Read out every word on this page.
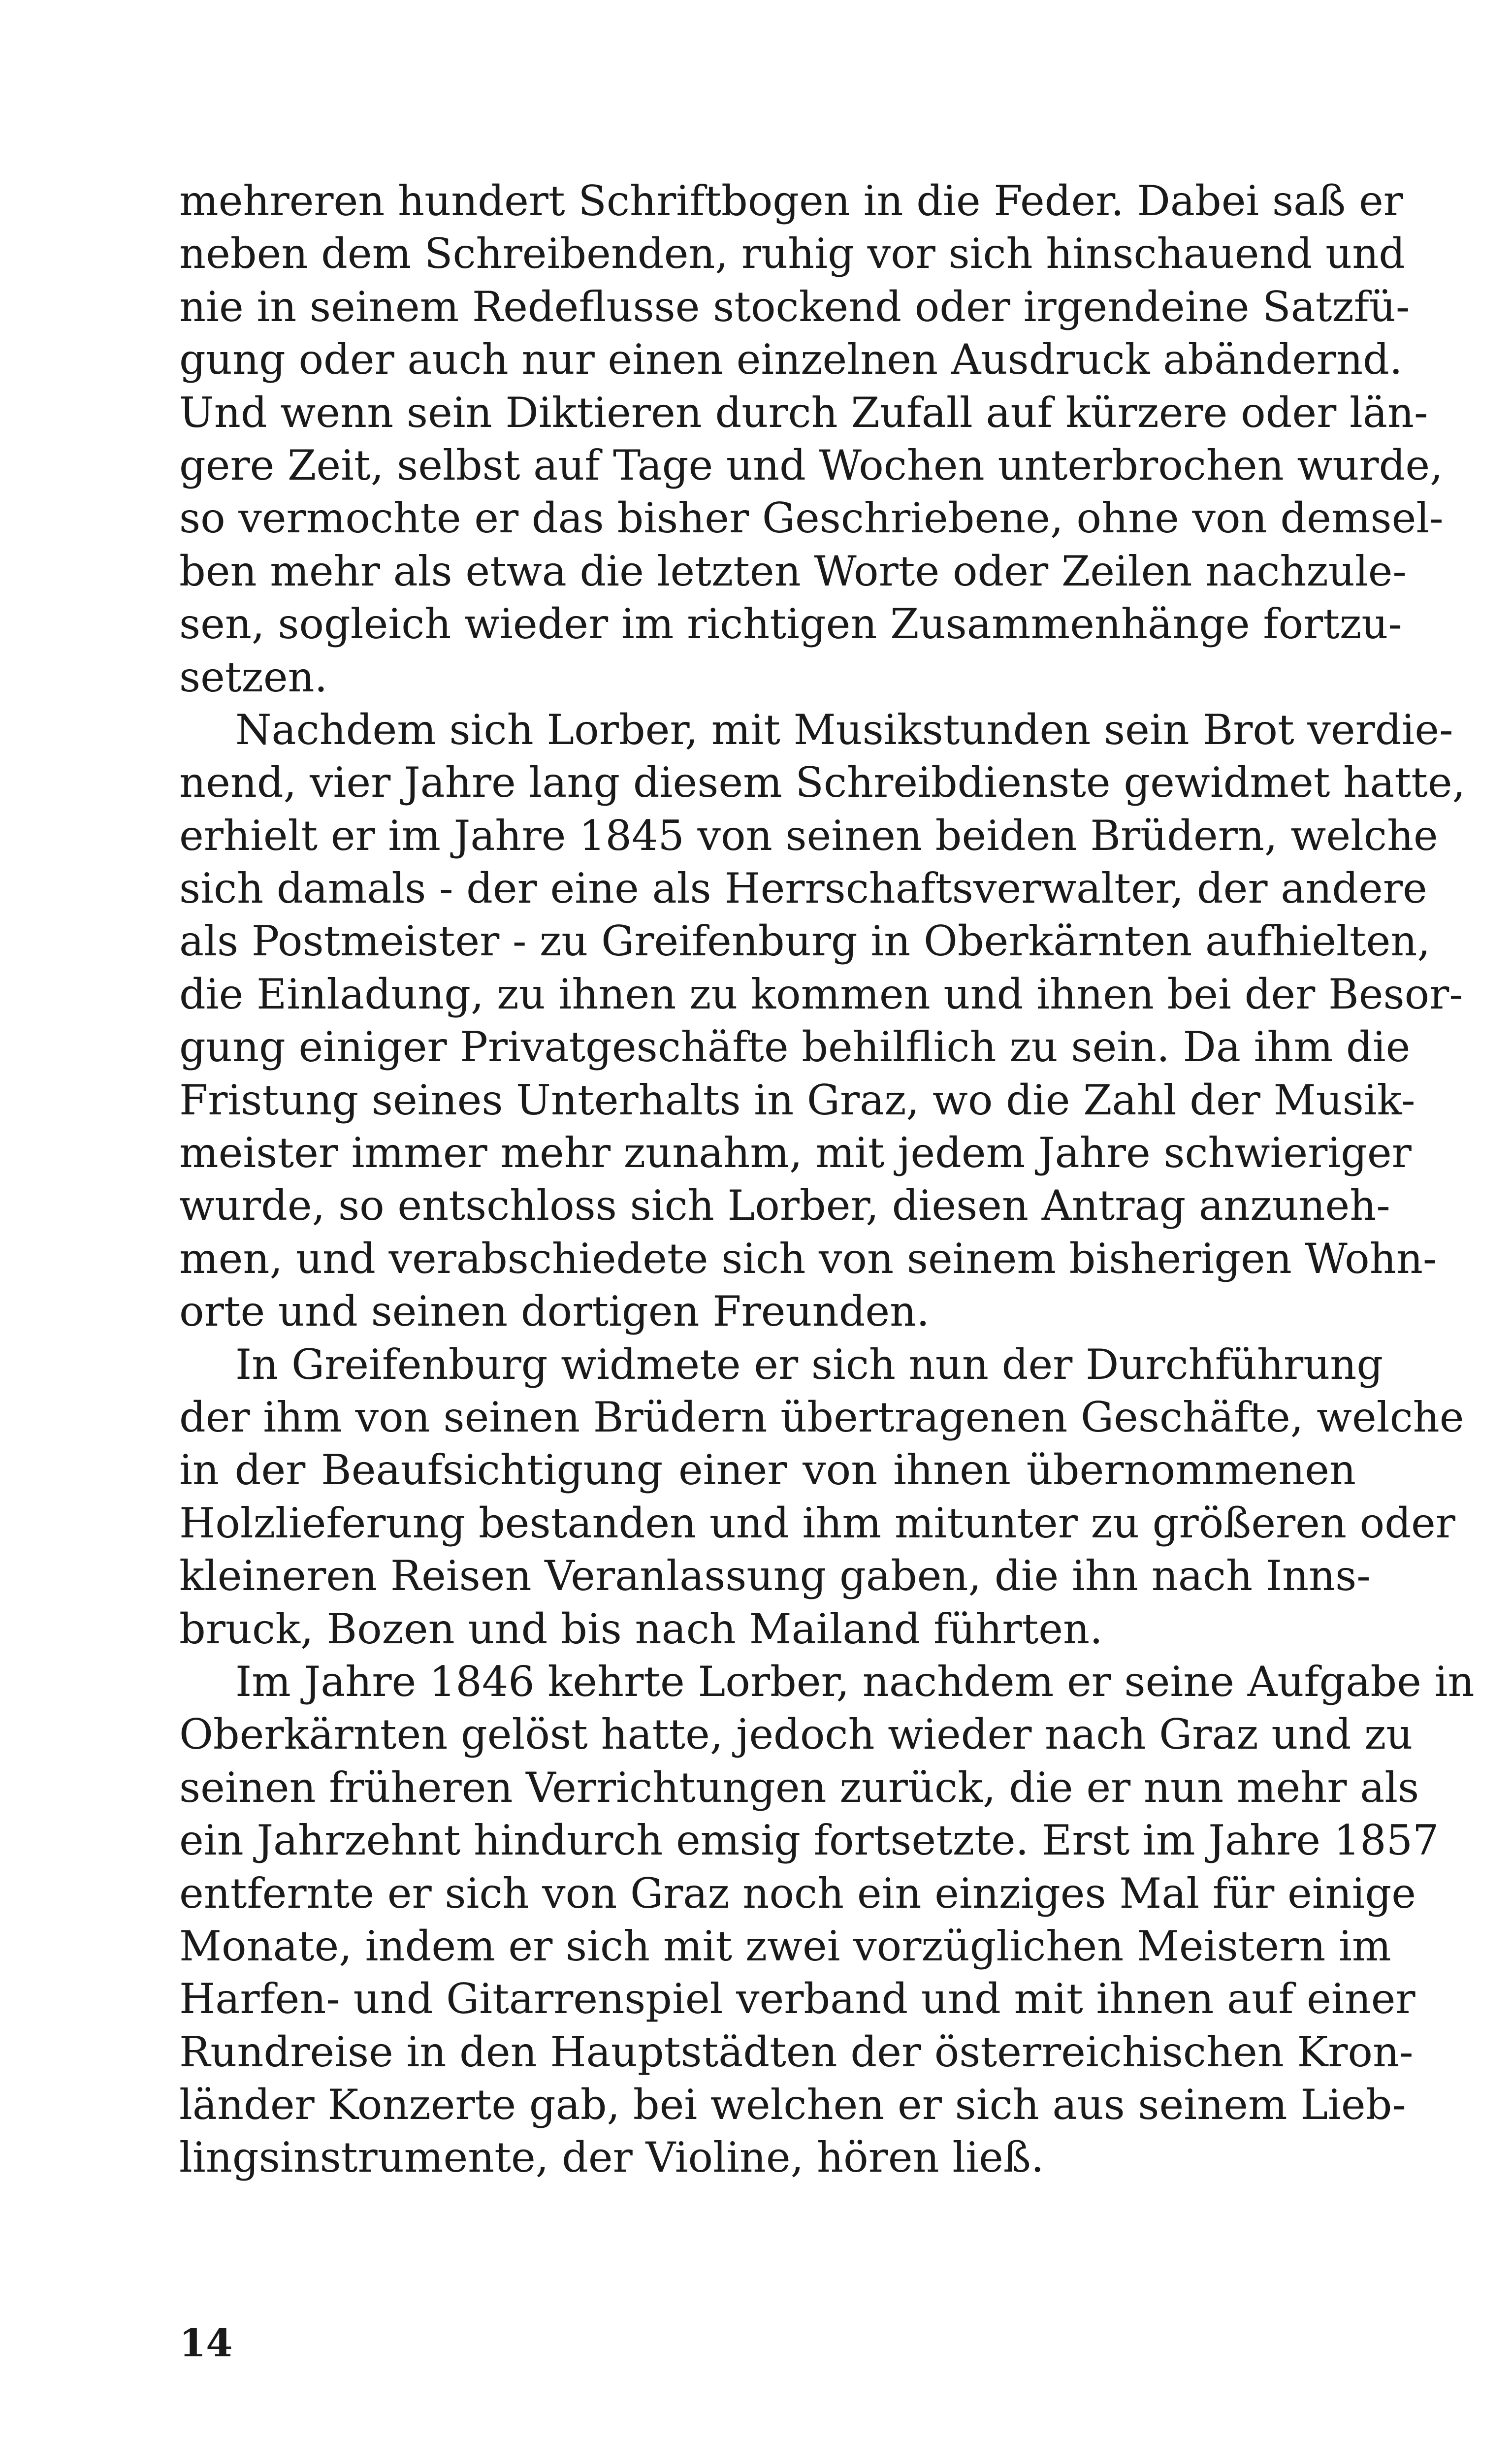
mehreren hundert Schriftbogen in die Feder. Dabei saß er
neben dem Schreibenden, ruhig vor sich hinschauend und
nie in seinem Redeflusse stockend oder irgendeine Satzfü-
gung oder auch nur einen einzelnen Ausdruck abändernd.
Und wenn sein Diktieren durch Zufall auf kürzere oder län-
gere Zeit, selbst auf Tage und Wochen unterbrochen wurde,
so vermochte er das bisher Geschriebene, ohne von demsel-
ben mehr als etwa die letzten Worte oder Zeilen nachzule-
sen, sogleich wieder im richtigen Zusammenhänge fortzu-
setzen.
Nachdem sich Lorber, mit Musikstunden sein Brot verdie-
nend, vier Jahre lang diesem Schreibdienste gewidmet hatte,
erhielt er im Jahre 1845 von seinen beiden Brüdern, welche
sich damals - der eine als Herrschaftsverwalter, der andere
als Postmeister - zu Greifenburg in Oberkärnten aufhielten,
die Einladung, zu ihnen zu kommen und ihnen bei der Besor-
gung einiger Privatgeschäfte behilflich zu sein. Da ihm die
Fristung seines Unterhalts in Graz, wo die Zahl der Musik-
meister immer mehr zunahm, mit jedem Jahre schwieriger
wurde, so entschloss sich Lorber, diesen Antrag anzuneh-
men, und verabschiedete sich von seinem bisherigen Wohn-
orte und seinen dortigen Freunden.
In Greifenburg widmete er sich nun der Durchführung
der ihm von seinen Brüdern übertragenen Geschäfte, welche
in der Beaufsichtigung einer von ihnen übernommenen
Holzlieferung bestanden und ihm mitunter zu größeren oder
kleineren Reisen Veranlassung gaben, die ihn nach Inns-
bruck, Bozen und bis nach Mailand führten.
Im Jahre 1846 kehrte Lorber, nachdem er seine Aufgabe in
Oberkärnten gelöst hatte, jedoch wieder nach Graz und zu
seinen früheren Verrichtungen zurück, die er nun mehr als
ein Jahrzehnt hindurch emsig fortsetzte. Erst im Jahre 1857
entfernte er sich von Graz noch ein einziges Mal für einige
Monate, indem er sich mit zwei vorzüglichen Meistern im
Harfen- und Gitarrenspiel verband und mit ihnen auf einer
Rundreise in den Hauptstädten der österreichischen Kron-
länder Konzerte gab, bei welchen er sich aus seinem Lieb-
lingsinstrumente, der Violine, hören ließ.
14
